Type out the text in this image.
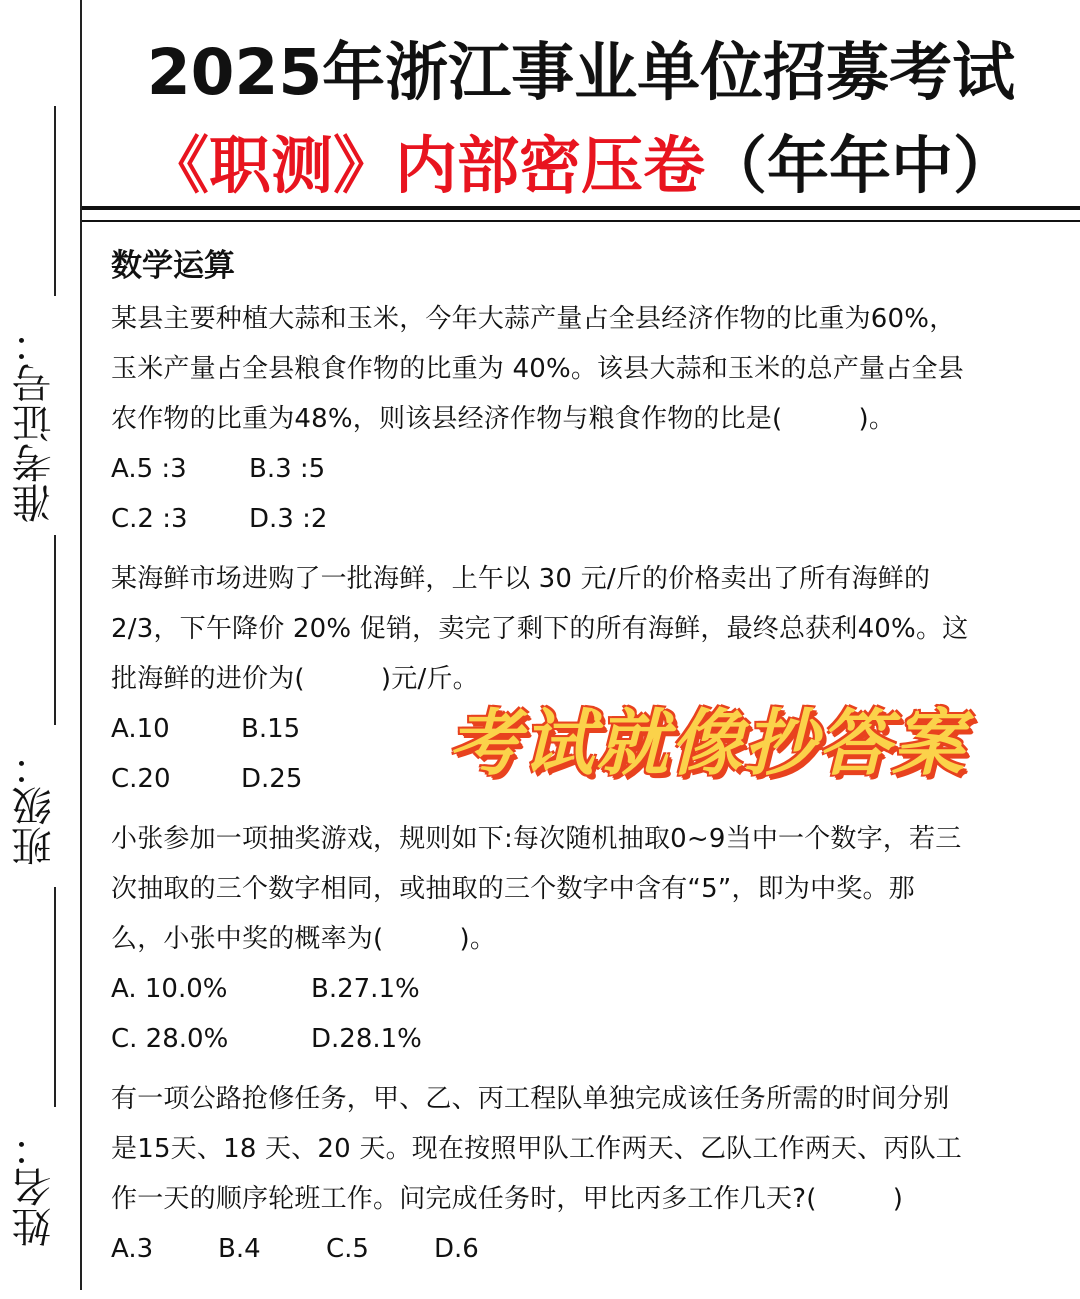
准考证号：
班级：
姓名：
2025年浙江事业单位招募考试
《职测》内部密压卷（年年中）
数学运算
某县主要种植大蒜和玉米，今年大蒜产量占全县经济作物的比重为60%，
玉米产量占全县粮食作物的比重为 40%。该县大蒜和玉米的总产量占全县
农作物的比重为48%，则该县经济作物与粮食作物的比是(         )。
A.5 :3 B.3 :5
C.2 :3 D.3 :2
某海鲜市场进购了一批海鲜，上午以 30 元/斤的价格卖出了所有海鲜的
2/3，下午降价 20% 促销，卖完了剩下的所有海鲜，最终总获利40%。这
批海鲜的进价为(         )元/斤。
A.10	B.15
C.20	D.25
小张参加一项抽奖游戏，规则如下:每次随机抽取0~9当中一个数字，若三
次抽取的三个数字相同，或抽取的三个数字中含有“5”，即为中奖。那
么，小张中奖的概率为(         )。
A. 10.0%	B.27.1%
C. 28.0%	D.28.1%
有一项公路抢修任务，甲、乙、丙工程队单独完成该任务所需的时间分别
是15天、18 天、20 天。现在按照甲队工作两天、乙队工作两天、丙队工
作一天的顺序轮班工作。问完成任务时，甲比丙多工作几天?(         )
A.3 B.4	C.5	D.6
考试就像抄答案
